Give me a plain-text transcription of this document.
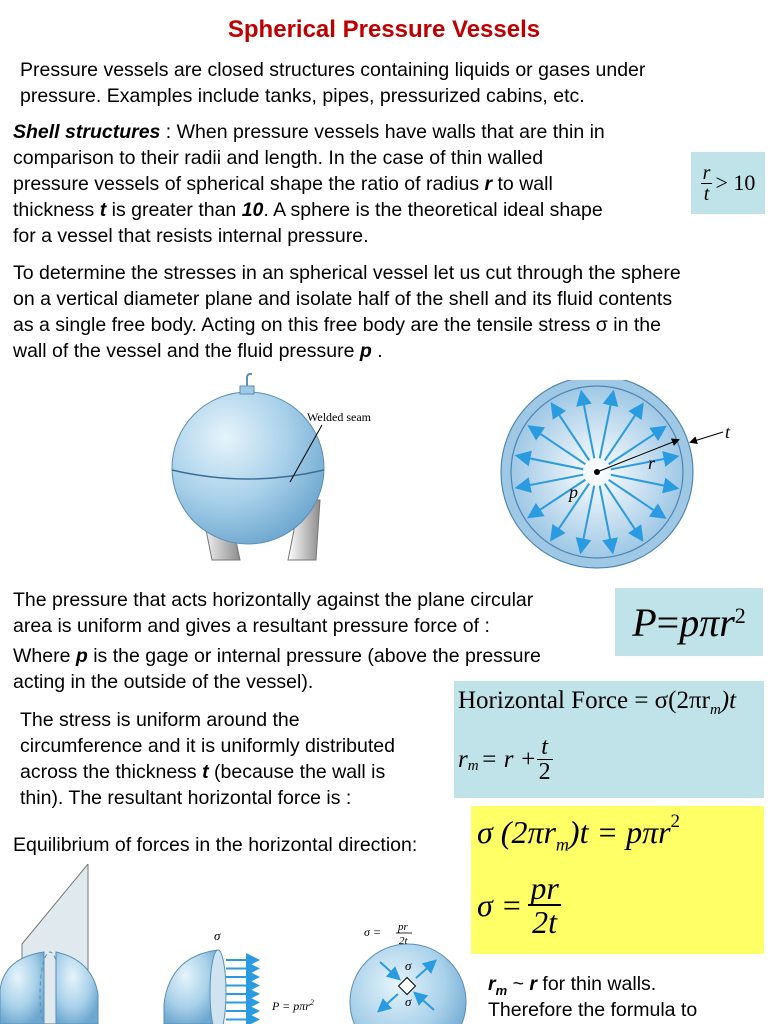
Spherical Pressure Vessels
Pressure vessels are closed structures containing liquids or gases under
pressure. Examples include tanks, pipes, pressurized cabins, etc.
Shell structures : When pressure vessels have walls that are thin in
comparison to their radii and length. In the case of thin walled
pressure vessels of spherical shape the ratio of radius r to wall
thickness t is greater than 10. A sphere is the theoretical ideal shape
for a vessel that resists internal pressure.
$\frac{r}{t} > 10$
To determine the stresses in an spherical vessel let us cut through the sphere
on a vertical diameter plane and isolate half of the shell and its fluid contents
as a single free body. Acting on this free body are the tensile stress σ in the
wall of the vessel and the fluid pressure p .
Welded seam
t
r
p
The pressure that acts horizontally against the plane circular
area is uniform and gives a resultant pressure force of :	P = pπr$^2$
Where p is the gage or internal pressure (above the pressure
acting in the outside of the vessel).
Horizontal Force = $\sigma(2\pi r_m)t$
$r_m = r + \frac{t}{2}$
The stress is uniform around the
circumference and it is uniformly distributed
across the thickness t (because the wall is
thin). The resultant horizontal force is :
Equilibrium of forces in the horizontal direction: σ $(2\pi r_m)t = p\pi r^2$
$\sigma = \frac{pr}{2t}$
σ
P = pπr$^2$
σ = pr
2t
σ
σ
$r_m$ ~ r for thin walls.
Therefore the formula to
